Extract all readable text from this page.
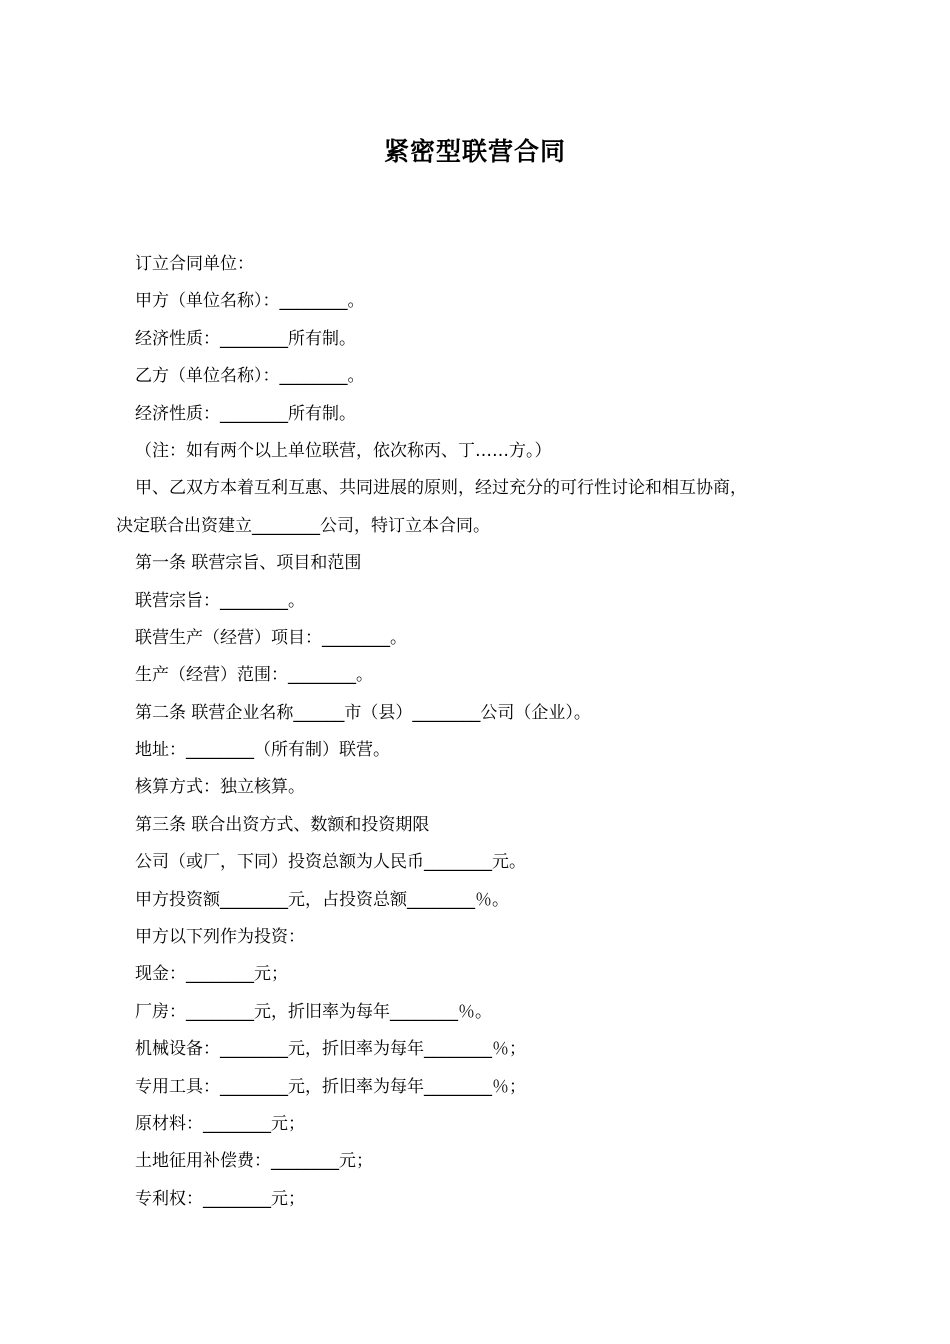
紧密型联营合同
订立合同单位：
甲方（单位名称）：________。
经济性质：________所有制。
乙方（单位名称）：________。
经济性质：________所有制。
（注：如有两个以上单位联营，依次称丙、丁……方。）
甲、乙双方本着互利互惠、共同进展的原则，经过充分的可行性讨论和相互协商，
决定联合出资建立________公司，特订立本合同。
第一条 联营宗旨、项目和范围
联营宗旨：________。
联营生产（经营）项目：________。
生产（经营）范围：________。
第二条 联营企业名称______市（县）________公司（企业）。
地址：________（所有制）联营。
核算方式：独立核算。
第三条 联合出资方式、数额和投资期限
公司（或厂，下同）投资总额为人民币________元。
甲方投资额________元，占投资总额________％。
甲方以下列作为投资：
现金：________元；
厂房：________元，折旧率为每年________％。
机械设备：________元，折旧率为每年________％；
专用工具：________元，折旧率为每年________％；
原材料：________元；
土地征用补偿费：________元；
专利权：________元；
